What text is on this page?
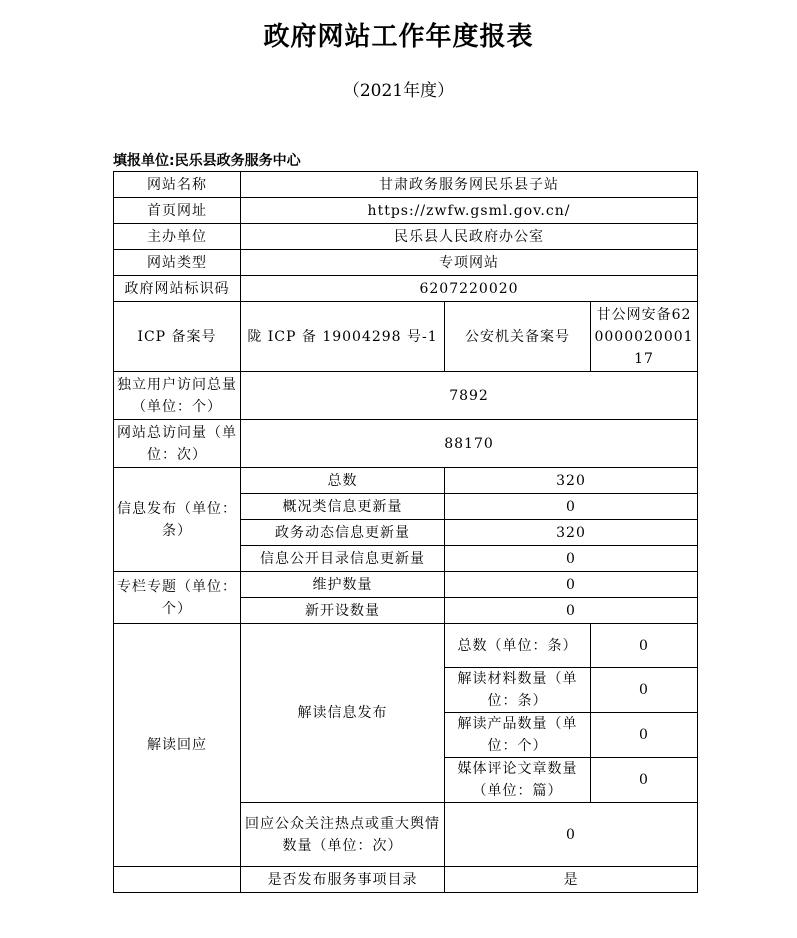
政府网站工作年度报表
（2021年度）
填报单位:民乐县政务服务中心
网站名称	甘肃政务服务网民乐县子站		
首页网址	https://zwfw.gsml.gov.cn/		
主办单位	民乐县人民政府办公室		
网站类型	专项网站		
政府网站标识码	6207220020		
ICP 备案号	陇 ICP 备 19004298 号-1	公安机关备案号	甘公网安备62000002000117
独立用户访问总量（单位：个）	7892		
网站总访问量（单位：次）	88170		
信息发布（单位：条）	总数	320	
	概况类信息更新量	0	
	政务动态信息更新量	320	
	信息公开目录信息更新量	0	
专栏专题（单位：个）	维护数量	0	
	新开设数量	0	
解读回应	解读信息发布	总数（单位：条）	0
		解读材料数量（单位：条）	0
		解读产品数量（单位：个）	0
		媒体评论文章数量（单位：篇）	0
	回应公众关注热点或重大舆情数量（单位：次）	0	
	是否发布服务事项目录	是	
